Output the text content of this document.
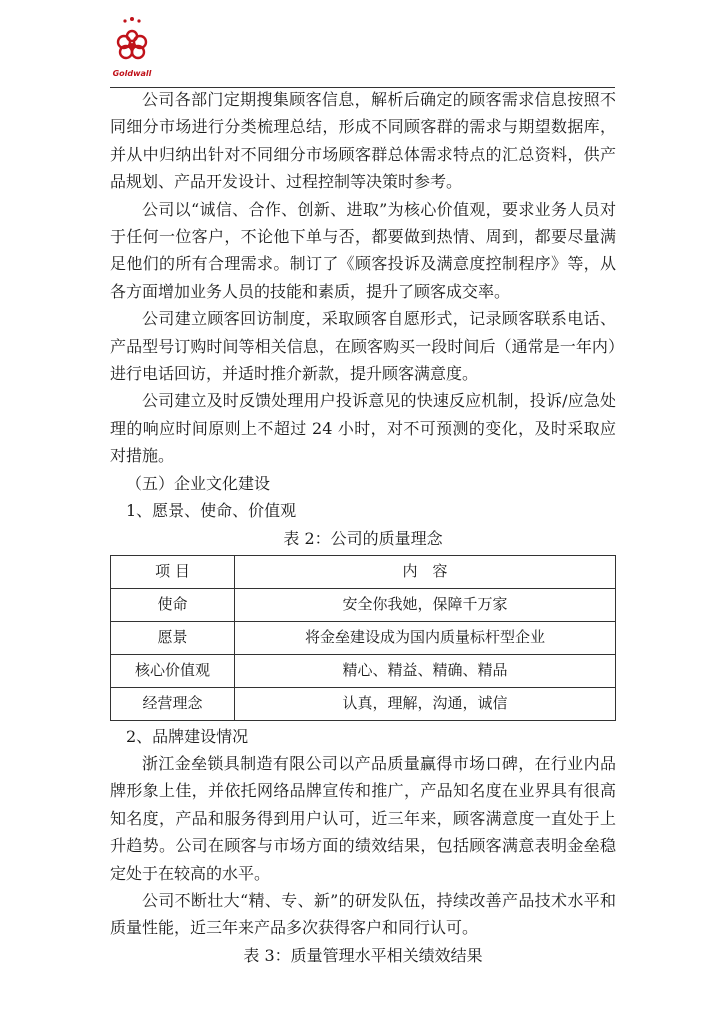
Goldwall

公司各部门定期搜集顾客信息，解析后确定的顾客需求信息按照不同细分市场进行分类梳理总结，形成不同顾客群的需求与期望数据库，并从中归纳出针对不同细分市场顾客群总体需求特点的汇总资料，供产品规划、产品开发设计、过程控制等决策时参考。

公司以“诚信、合作、创新、进取”为核心价值观，要求业务人员对于任何一位客户，不论他下单与否，都要做到热情、周到，都要尽量满足他们的所有合理需求。制订了《顾客投诉及满意度控制程序》等，从各方面增加业务人员的技能和素质，提升了顾客成交率。

公司建立顾客回访制度，采取顾客自愿形式，记录顾客联系电话、产品型号订购时间等相关信息，在顾客购买一段时间后（通常是一年内）进行电话回访，并适时推介新款，提升顾客满意度。

公司建立及时反馈处理用户投诉意见的快速反应机制，投诉/应急处理的响应时间原则上不超过 24 小时，对不可预测的变化，及时采取应对措施。

（五）企业文化建设

1、愿景、使命、价值观

表 2：公司的质量理念

项 目	内　容
使命	安全你我她，保障千万家
愿景	将金垒建设成为国内质量标杆型企业
核心价值观	精心、精益、精确、精品
经营理念	认真，理解，沟通，诚信

2、品牌建设情况

浙江金垒锁具制造有限公司以产品质量赢得市场口碑，在行业内品牌形象上佳，并依托网络品牌宣传和推广，产品知名度在业界具有很高知名度，产品和服务得到用户认可，近三年来，顾客满意度一直处于上升趋势。公司在顾客与市场方面的绩效结果，包括顾客满意表明金垒稳定处于在较高的水平。

公司不断壮大“精、专、新”的研发队伍，持续改善产品技术水平和质量性能，近三年来产品多次获得客户和同行认可。

表 3：质量管理水平相关绩效结果
